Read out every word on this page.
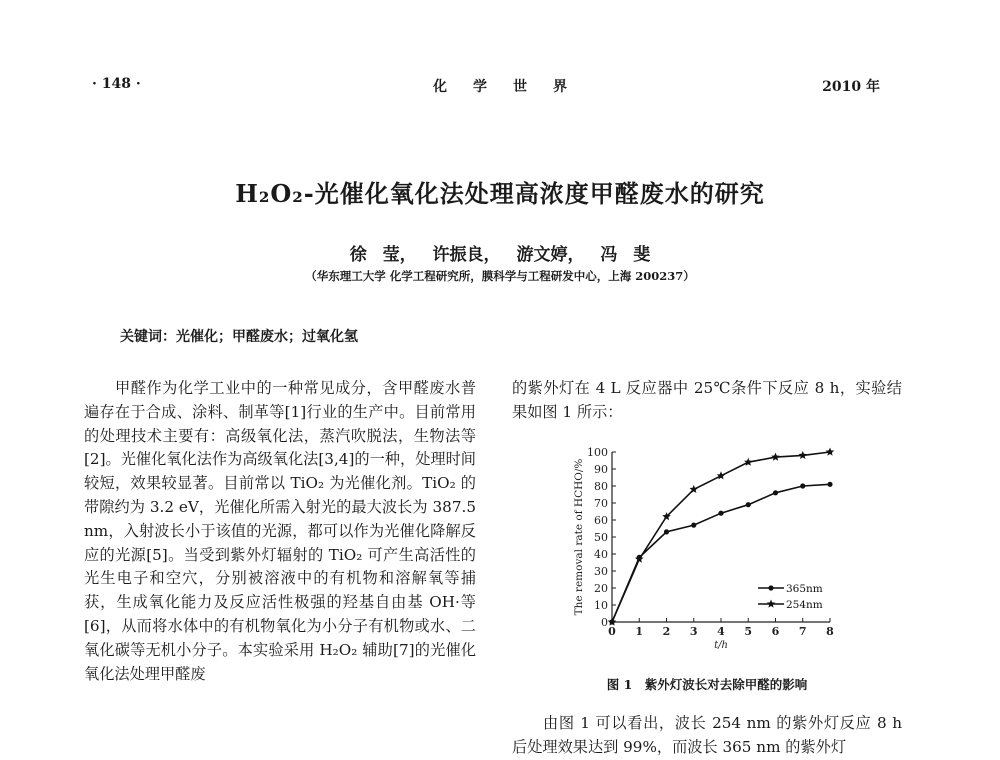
· 148 ·	化学世界	2010 年
H₂O₂-光催化氧化法处理高浓度甲醛废水的研究
徐 莹， 许振良， 游文婷， 冯 斐
（华东理工大学 化学工程研究所，膜科学与工程研发中心，上海 200237）
关键词：光催化；甲醛废水；过氧化氢

甲醛作为化学工业中的一种常见成分，含甲醛废水普遍存在于合成、涂料、制革等[1]行业的生产中。目前常用的处理技术主要有：高级氧化法，蒸汽吹脱法，生物法等[2]。光催化氧化法作为高级氧化法[3,4]的一种，处理时间较短，效果较显著。目前常以 TiO₂ 为光催化剂。TiO₂ 的带隙约为 3.2 eV，光催化所需入射光的最大波长为 387.5 nm，入射波长小于该值的光源，都可以作为光催化降解反应的光源[5]。当受到紫外灯辐射的 TiO₂ 可产生高活性的光生电子和空穴，分别被溶液中的有机物和溶解氧等捕获，生成氧化能力及反应活性极强的羟基自由基 OH·等[6]，从而将水体中的有机物氧化为小分子有机物或水、二氧化碳等无机小分子。本实验采用 H₂O₂ 辅助[7]的光催化氧化法处理甲醛废

的紫外灯在 4 L 反应器中 25℃条件下反应 8 h，实验结果如图 1 所示：

0
10
20
30
40
50
60
70
80
90
100
0 1 2 3 4 5 6 7 8
t/h
The removal rate of HCHO/%	365nm
254nm
图 1　紫外灯波长对去除甲醛的影响

由图 1 可以看出，波长 254 nm 的紫外灯反应 8 h 后处理效果达到 99%，而波长 365 nm 的紫外灯
